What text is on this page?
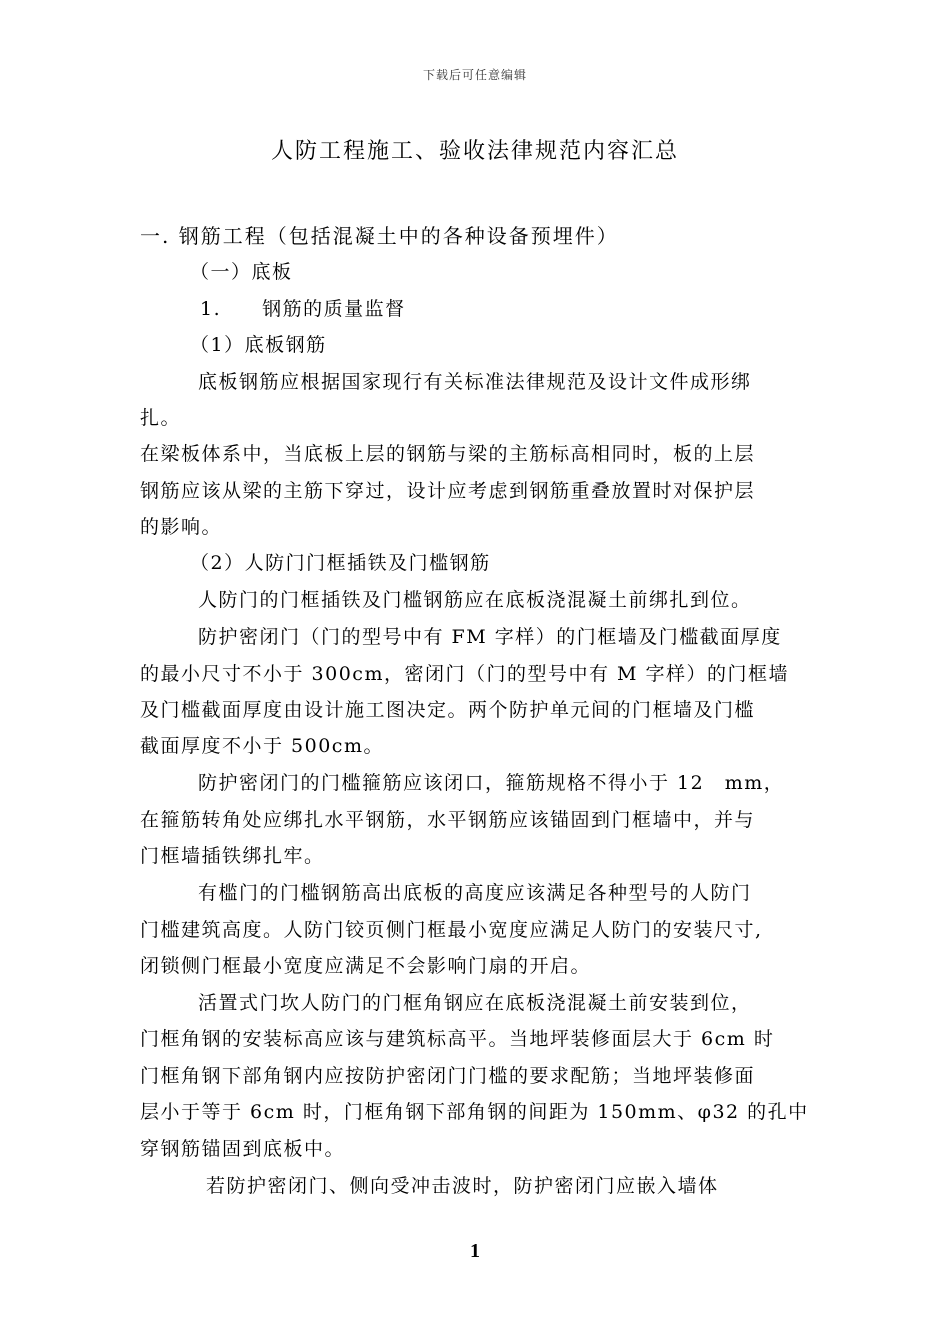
下载后可任意编辑
人防工程施工、验收法律规范内容汇总
一. 钢筋工程（包括混凝土中的各种设备预埋件）
（一）底板
1.　　钢筋的质量监督
（1）底板钢筋
底板钢筋应根据国家现行有关标准法律规范及设计文件成形绑
扎。
在梁板体系中，当底板上层的钢筋与梁的主筋标高相同时，板的上层
钢筋应该从梁的主筋下穿过，设计应考虑到钢筋重叠放置时对保护层
的影响。
（2）人防门门框插铁及门槛钢筋
人防门的门框插铁及门槛钢筋应在底板浇混凝土前绑扎到位。
防护密闭门（门的型号中有 FM 字样）的门框墙及门槛截面厚度
的最小尺寸不小于 300cm，密闭门（门的型号中有 M 字样）的门框墙
及门槛截面厚度由设计施工图决定。两个防护单元间的门框墙及门槛
截面厚度不小于 500cm。
防护密闭门的门槛箍筋应该闭口，箍筋规格不得小于 12　mm，
在箍筋转角处应绑扎水平钢筋，水平钢筋应该锚固到门框墙中，并与
门框墙插铁绑扎牢。
有槛门的门槛钢筋高出底板的高度应该满足各种型号的人防门
门槛建筑高度。人防门铰页侧门框最小宽度应满足人防门的安装尺寸,
闭锁侧门框最小宽度应满足不会影响门扇的开启。
活置式门坎人防门的门框角钢应在底板浇混凝土前安装到位，
门框角钢的安装标高应该与建筑标高平。当地坪装修面层大于 6cm 时
门框角钢下部角钢内应按防护密闭门门槛的要求配筋；当地坪装修面
层小于等于 6cm 时，门框角钢下部角钢的间距为 150mm、φ32 的孔中
穿钢筋锚固到底板中。
若防护密闭门、侧向受冲击波时，防护密闭门应嵌入墙体
1
